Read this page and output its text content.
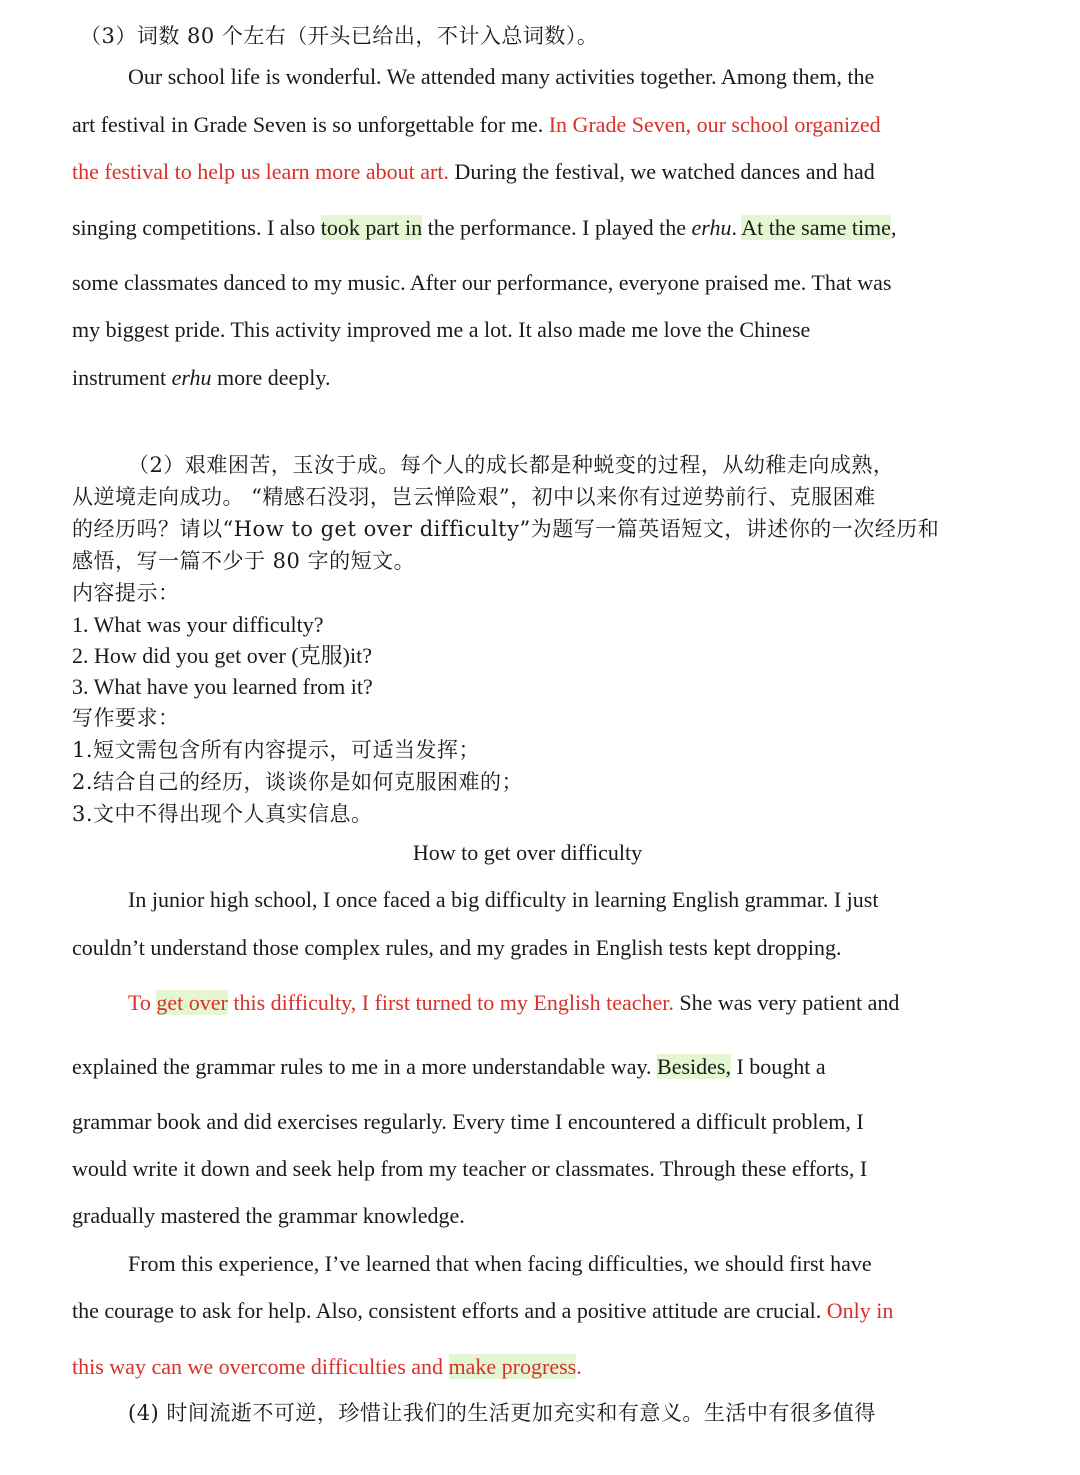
（3）词数 80 个左右（开头已给出，不计入总词数）。
Our school life is wonderful. We attended many activities together. Among them, the
art festival in Grade Seven is so unforgettable for me. In Grade Seven, our school organized
the festival to help us learn more about art. During the festival, we watched dances and had
singing competitions. I also took part in the performance. I played the erhu. At the same time,
some classmates danced to my music. After our performance, everyone praised me. That was
my biggest pride. This activity improved me a lot. It also made me love the Chinese
instrument erhu more deeply.
（2）艰难困苦，玉汝于成。每个人的成长都是种蜕变的过程，从幼稚走向成熟，
从逆境走向成功。 “精感石没羽，岂云惮险艰”，初中以来你有过逆势前行、克服困难
的经历吗？请以“How to get over difficulty”为题写一篇英语短文，讲述你的一次经历和
感悟，写一篇不少于 80 字的短文。
内容提示：
1. What was your difficulty?
2. How did you get over (克服)it?
3. What have you learned from it?
写作要求：
1.短文需包含所有内容提示，可适当发挥；
2.结合自己的经历，谈谈你是如何克服困难的；
3.文中不得出现个人真实信息。
How to get over difficulty
In junior high school, I once faced a big difficulty in learning English grammar. I just
couldn’t understand those complex rules, and my grades in English tests kept dropping.
To get over this difficulty, I first turned to my English teacher. She was very patient and
explained the grammar rules to me in a more understandable way. Besides, I bought a
grammar book and did exercises regularly. Every time I encountered a difficult problem, I
would write it down and seek help from my teacher or classmates. Through these efforts, I
gradually mastered the grammar knowledge.
From this experience, I’ve learned that when facing difficulties, we should first have
the courage to ask for help. Also, consistent efforts and a positive attitude are crucial. Only in
this way can we overcome difficulties and make progress.
(4) 时间流逝不可逆，珍惜让我们的生活更加充实和有意义。生活中有很多值得
